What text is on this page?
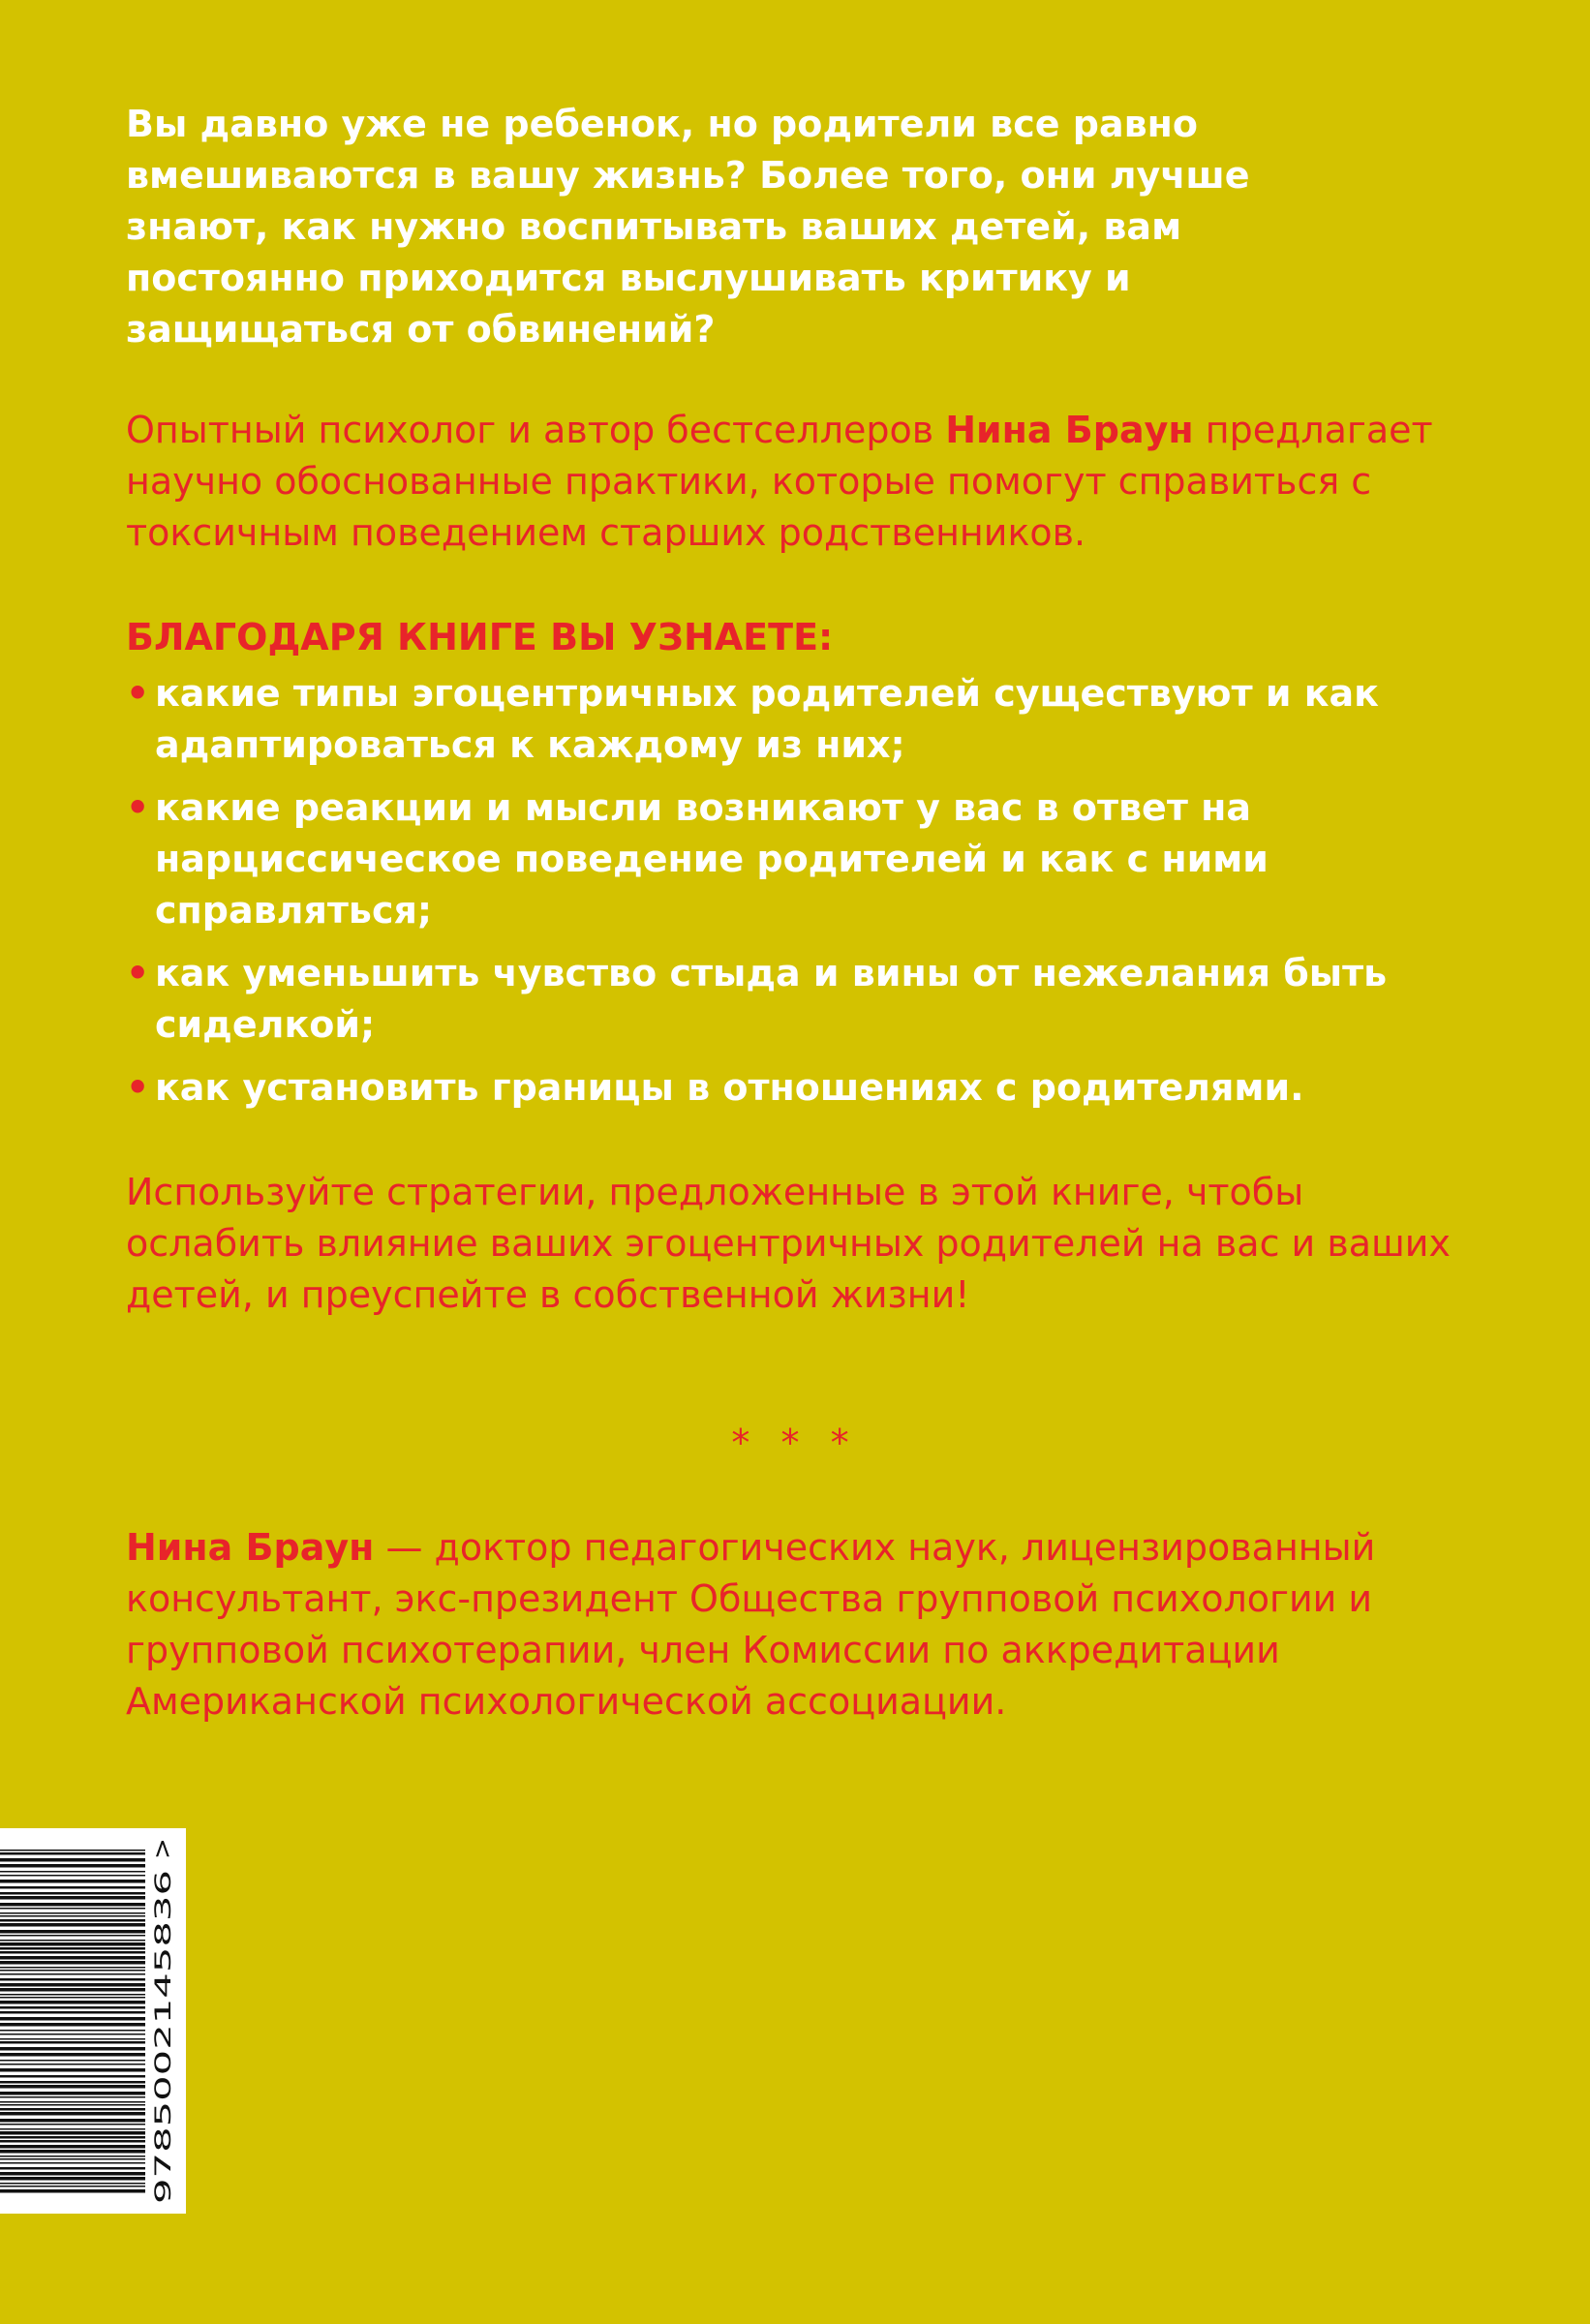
Вы давно уже не ребенок, но родители все равно вмешиваются в вашу жизнь? Более того, они лучше знают, как нужно воспитывать ваших детей, вам постоянно приходится выслушивать критику и защищаться от обвинений?

Опытный психолог и автор бестселлеров Нина Браун предлагает научно обоснованные практики, которые помогут справиться с токсичным поведением старших родственников.

БЛАГОДАРЯ КНИГЕ ВЫ УЗНАЕТЕ:
• какие типы эгоцентричных родителей существуют и как адаптироваться к каждому из них;
• какие реакции и мысли возникают у вас в ответ на нарциссическое поведение родителей и как с ними справляться;
• как уменьшить чувство стыда и вины от нежелания быть сиделкой;
• как установить границы в отношениях с родителями.

Используйте стратегии, предложенные в этой книге, чтобы ослабить влияние ваших эгоцентричных родителей на вас и ваших детей, и преуспейте в собственной жизни!

* * *

Нина Браун — доктор педагогических наук, лицензированный консультант, экс-президент Общества групповой психологии и групповой психотерапии, член Комиссии по аккредитации Американской психологической ассоциации.

9785002145836
>
